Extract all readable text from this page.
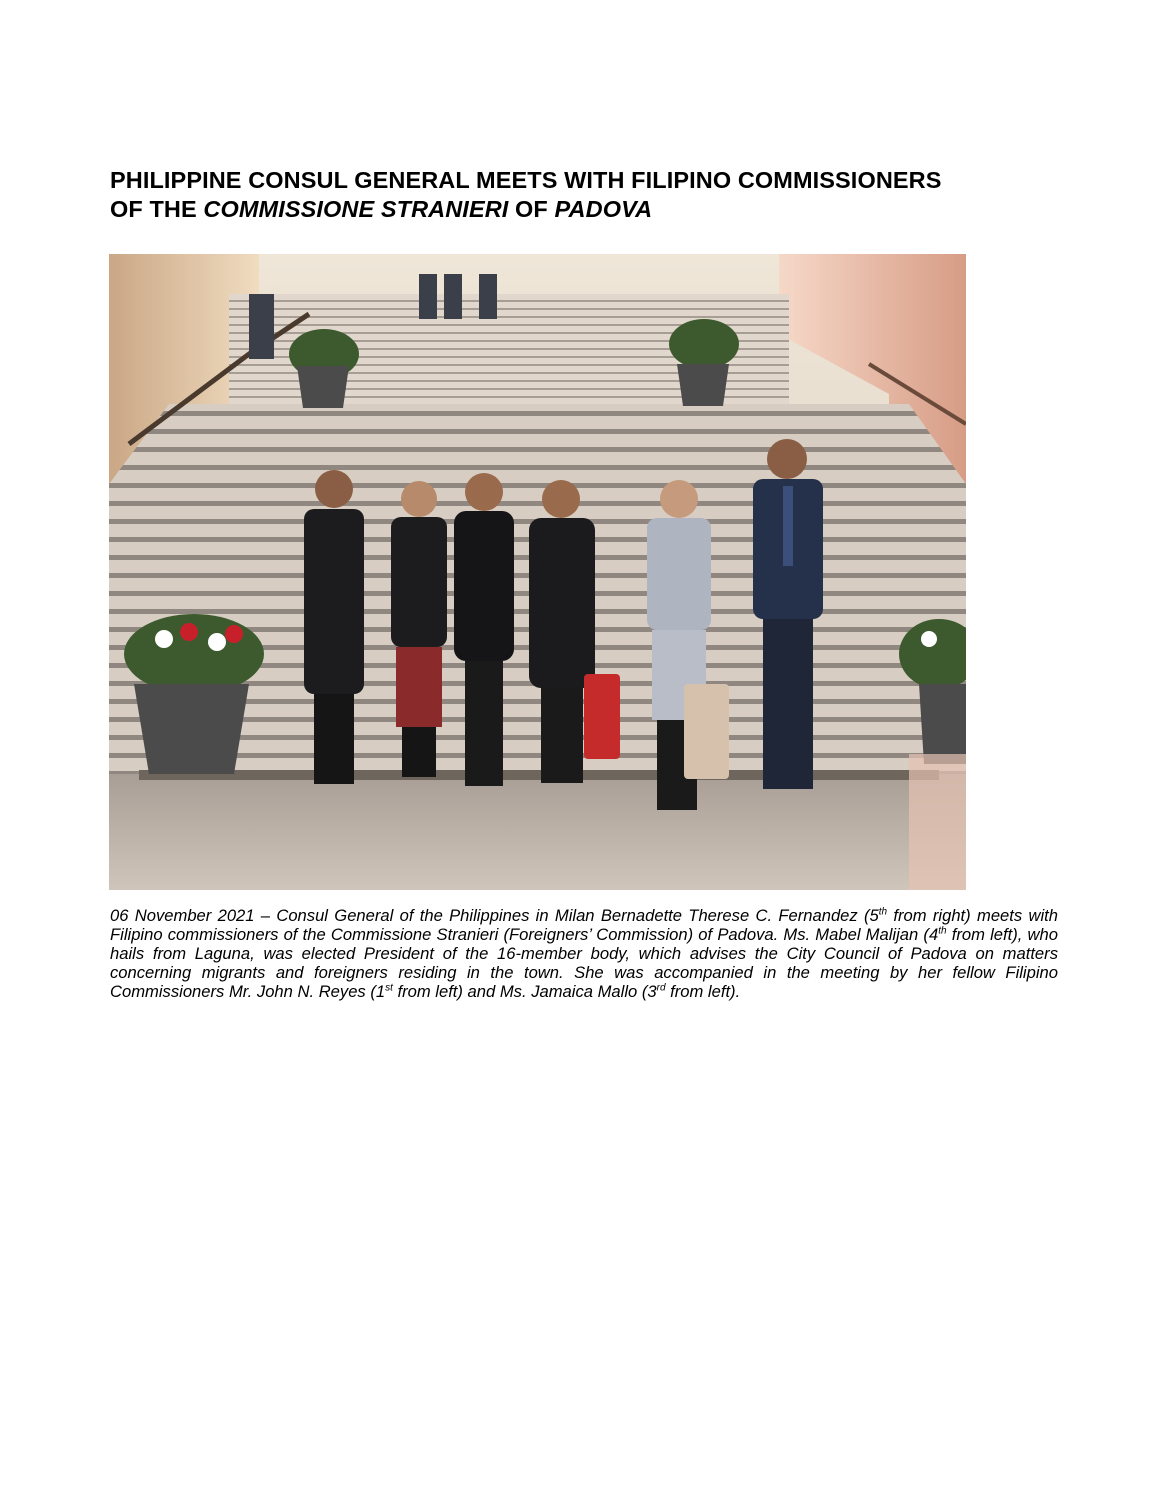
PHILIPPINE CONSUL GENERAL MEETS WITH FILIPINO COMMISSIONERS
OF THE COMMISSIONE STRANIERI OF PADOVA

06 November 2021 – Consul General of the Philippines in Milan Bernadette Therese C. Fernandez (5th from right) meets with Filipino commissioners of the Commissione Stranieri (Foreigners’ Commission) of Padova. Ms. Mabel Malijan (4th from left), who hails from Laguna, was elected President of the 16-member body, which advises the City Council of Padova on matters concerning migrants and foreigners residing in the town. She was accompanied in the meeting by her fellow Filipino Commissioners Mr. John N. Reyes (1st from left) and Ms. Jamaica Mallo (3rd from left).
